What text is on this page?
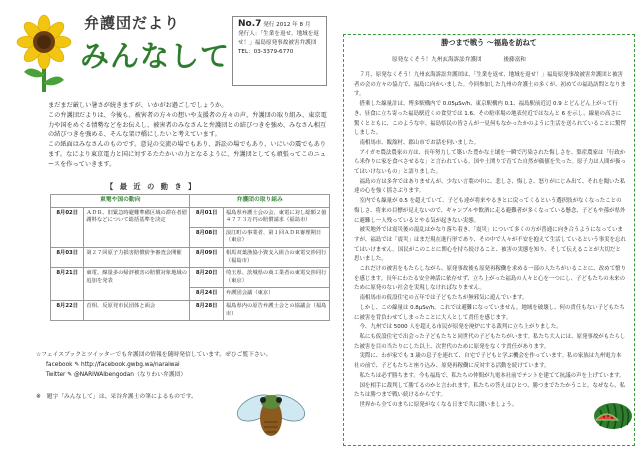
弁護団だより
みんなして
No.7 発行 2012 年 8 月
発行人：「生業を返せ、地域を返せ！」福島原発事故被害弁護団
TEL：03-3379-6770

まだまだ厳しい暑さが続きますが、いかがお過ごしでしょうか。

この弁護団だよりは、今後も、被害者の方々の想いや支援者の方々の声、弁護団の取り組み、東京電力や国をめぐる情勢などをお伝えし、被害者のみなさんと弁護団との結びつきを強め、みなさん相互の結びつきを強める、そんな架け橋にしたいと考えています。

この紙面はみなさんのものです。意見の交流の場でもあり、訴訟の場でもあり、いにいの震でもあります。なにより東京電力と国に対するたたかいの力となるように、弁護団としても頑張ってこのニュースを作っていきます。

【 最 近 の 動 き 】
東電や国の動向		弁護団の取り組み	
8月02日	ＡＤＲ、旧緊急時避難準備区域の滞在者慰謝料などについて総括基準を決定	8月01日	福島県弁護士会の会、東電に対し総額２億４７７３万円の賠償請求（福島市）
		8月08日	浪江町の事業者、第１回ＡＤＲ審理期日（東京）
8月03日	第２７回原子力損害賠償紛争審査会開催	8月09日	相馬双葉漁協小資支入組合の東電交渉同行（福島市）
8月21日	東電、線量多の帰評被害の賠償対象地域の追加を発表	8月20日	埼玉県、茨城県の商工業者の東電交渉同行（東京）
		8月24日	弁護団会議（東京）
8月22日	首相、反原発市民団体と面会	8月28日	福島県内の原告弁護士会との協議会（福島市）

☆フェイスブックとツイッターでも弁護団の情報を随時発信しています。ぜひご覧下さい。

facebook ✎ http://facebook.gwbg.wa/naraiwai

Twitter ✎ @NARIWAIbengodan（なりわい弁護団）

※　題字「みんなして」は、采谷弁護士の筆によるものです。
勝つまで戦う ～福島を訪ねて
原発なくそう！九州玄海訴訟弁護団	後藤富和

７月、原発なくそう！九州玄海訴訟弁護団は、「生業を返せ、地域を返せ！」福島原発事故被害弁護団と被害者の会の方々の協力で、福島に向かいました。今回参加した九州の弁護士の多くが、初めての福島訪問となります。

搭乗した線量計は、博多駅構内で 0.05μSv/h、東京駅構内 0.1、福島駅前近辺 0.9 とどんどん上がって行き、昼食に立ち寄った福島駅近くの食堂では 1.6、その駐車場の地表付近ではなんと 6 を示し、線量の高さに驚くとともに、このような中、福島県民の皆さんが一見何もなかったかのように生活を送られていることに驚愕しました。

南相馬市、飯舘村、郡山市でお話を伺いました。

アイガモ農法農家の方は、長年努力して築いた豊かな土壌を一瞬で汚染された悔しさを、梨産農家は「行政から米作りに家を食べさせるな」と言われている。国や土関りで育てた自然が価値を失った。原子力は人間が扱ってはいけないもの」と語りました。

福島の方は多弁ではありませんが、少ない言葉の中に、悲しさ、悔しさ、怒りがにじみ出て、それを聞いた私達の心を強く揺さぶります。

室内でも線量が 0.5 を超えていて、子ども達が将来やるきとに戻ってくるという選択肢がなくなったことの悔しさ、将来の目標が見えないので、ギャンブルや飲酒に走る避難者が多くなっている懸念、子どもや孫が県外に避難し一人残っているとやる気が起きない実態。

被災地外では震災後の混乱はかなり落ち着き、「震災」について多くの方が普通に向き合うようになっていますが、福島では「震災」はまだ現在進行形であり、その中で人々が不安を抱えて生活しているという事実を忘れてはいけません。国民がこのことに関心を持ち続けること、被害の実態を知り、そして伝えることが大切だと思いました。

これだけの被害をもたらしながら、原発事故後も原発再稼働を求める一部の人たちがいることに、改めて憤りを感じます。長年にわたる安全神話に依存せず、立ち上がった福島の人々と心を一つにし、子どもたちの未来のために原発のない社会を実現しなければなりません。

南相馬市の仮設住宅の五年では子どもたちが無邪気に遊んでいます。

しかし、この線量は 0.8μSv/h。これでは避難になっていません。地域を破壊し、何の責任もない子どもたちに被害を背負わせてしまったことに大人として責任を感じます。

今、九州では 5000 人を超える市民が原発を廃炉にする裁判に立ち上がりました。

私にも仮設住宅で出会った子どもたちと同世代の子どもたちがいます。私たち大人には、原発事故がもたらした被害を目の当たりにした以上、次世代のために原発をなくす責任があります。

実際に、わが家でも 3 歳の息子を連れて、自宅で子どもと学ぶ機会を作っています。私の家族は九州電力本社の前で、子どもたちと座り込み、原発再稼働に反対する活動を続けています。

私たちは必ず勝ちます。今も福島で、私たちの仲間が九電本社前でテントを建てて抗議の声を上げています。

国を相手に裁判して勝てるのかと言われます。私たちの答えはひとつ、勝つまでたたかうこと。なぜなら、私たちは勝つまで戦い続けるからです。

世界から全てのまちに原発がなくなる日まで共に闘いましょう。
